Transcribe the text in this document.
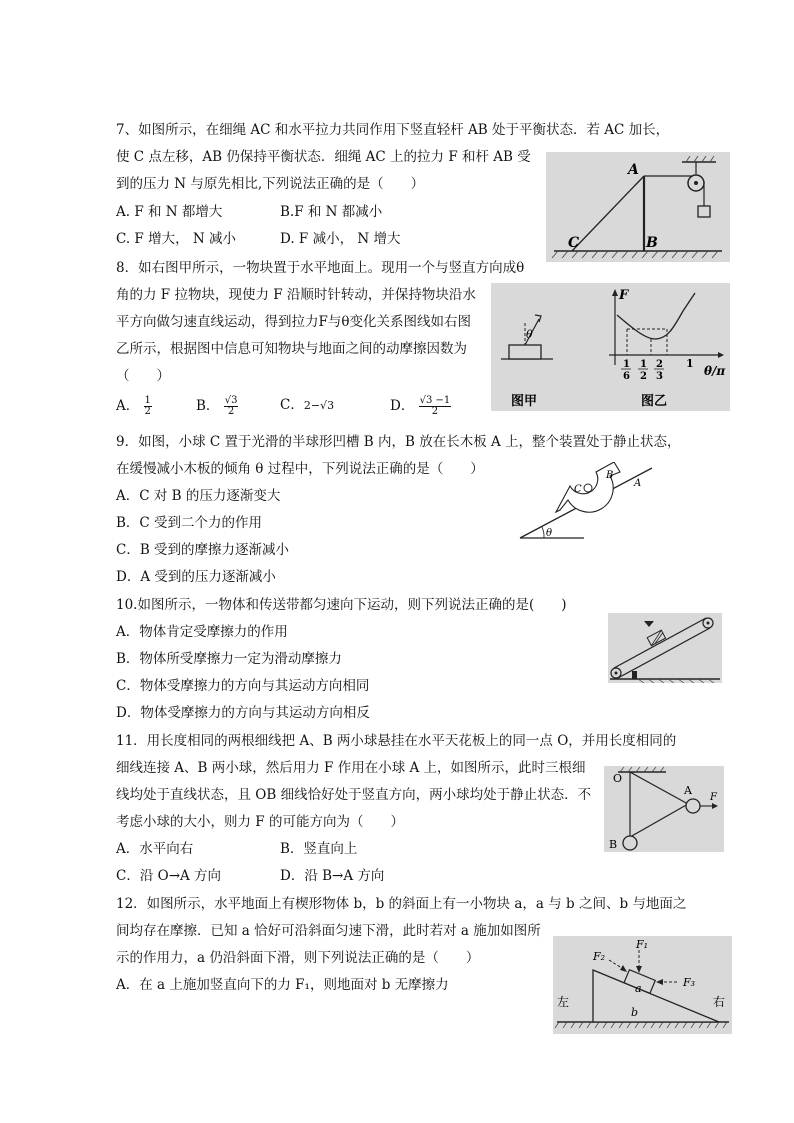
7、如图所示，在细绳 AC 和水平拉力共同作用下竖直轻杆 AB 处于平衡状态．若 AC 加长，
使 C 点左移，AB 仍保持平衡状态．细绳 AC 上的拉力 F 和杆 AB 受
到的压力 N 与原先相比,下列说法正确的是（　　）
A. F 和 N 都增大	B.F 和 N 都减小
C. F 增大， N 减小	D. F 减小， N 增大
A
B
C
8．如右图甲所示，一物块置于水平地面上。现用一个与竖直方向成θ
角的力 F 拉物块，现使力 F 沿顺时针转动，并保持物块沿水
平方向做匀速直线运动，得到拉力F与θ变化关系图线如右图
乙所示，根据图中信息可知物块与地面之间的动摩擦因数为
（　　）
A． $\frac{1}{2}$	B． $\frac{√3}{2}$	C．2−√3	D． $\frac{√3 -1}{2}$
θ
图甲
F
1
6
1
2
2
3
1
θ/π
图乙
9．如图，小球 C 置于光滑的半球形凹槽 B 内，B 放在长木板 A 上，整个装置处于静止状态，
在缓慢减小木板的倾角 θ 过程中，下列说法正确的是（　　）
A．C 对 B 的压力逐渐变大
B．C 受到二个力的作用
C．B 受到的摩擦力逐渐减小
D．A 受到的压力逐渐减小
C
B
A
θ
10.如图所示，一物体和传送带都匀速向下运动，则下列说法正确的是(　　)
A．物体肯定受摩擦力的作用
B．物体所受摩擦力一定为滑动摩擦力
C．物体受摩擦力的方向与其运动方向相同
D．物体受摩擦力的方向与其运动方向相反
11．用长度相同的两根细线把 A、B 两小球悬挂在水平天花板上的同一点 O，并用长度相同的
细线连接 A、B 两小球，然后用力 F 作用在小球 A 上，如图所示，此时三根细
线均处于直线状态，且 OB 细线恰好处于竖直方向，两小球均处于静止状态．不
考虑小球的大小，则力 F 的可能方向为（　　）
A．水平向右	B．竖直向上
C．沿 O→A 方向	D．沿 B→A 方向
O
A
B
F
12．如图所示，水平地面上有楔形物体 b，b 的斜面上有一小物块 a，a 与 b 之间、b 与地面之
间均存在摩擦．已知 a 恰好可沿斜面匀速下滑，此时若对 a 施加如图所
示的作用力，a 仍沿斜面下滑，则下列说法正确的是（　　）
A．在 a 上施加竖直向下的力 F₁，则地面对 b 无摩擦力
F₁
F₂
F₃
a
b
左	右
